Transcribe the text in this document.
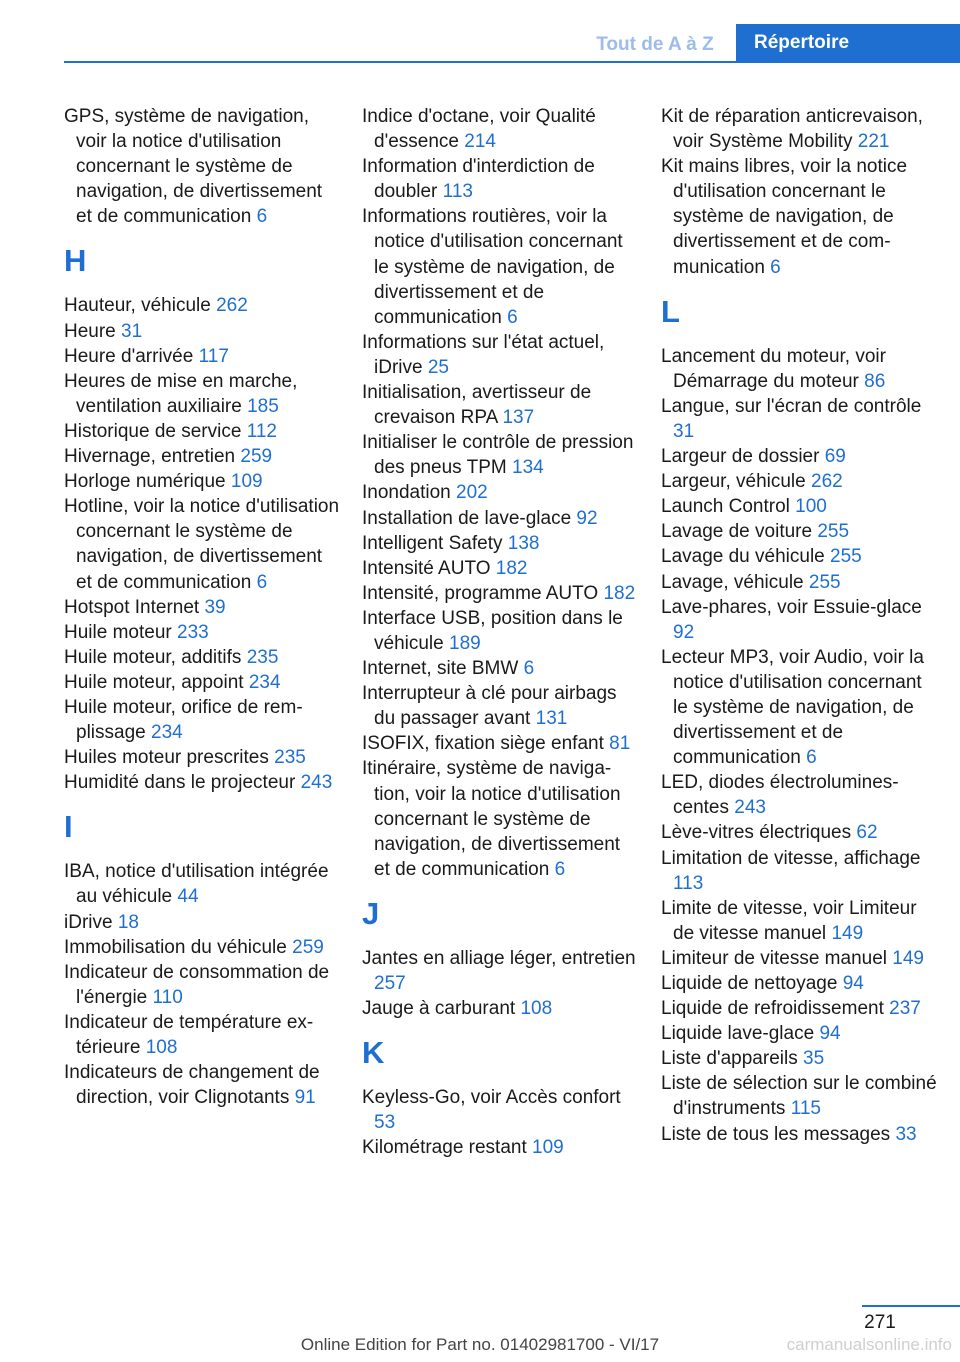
Tout de A à Z	Répertoire
GPS, système de navigation, voir la notice d'utilisation concernant le système de navigation, de divertissement et de communication 6
H
Hauteur, véhicule 262
Heure 31
Heure d'arrivée 117
Heures de mise en marche, ventilation auxiliaire 185
Historique de service 112
Hivernage, entretien 259
Horloge numérique 109
Hotline, voir la notice d'utilisation concernant le système de navigation, de divertissement et de communication 6
Hotspot Internet 39
Huile moteur 233
Huile moteur, additifs 235
Huile moteur, appoint 234
Huile moteur, orifice de remplissage 234
Huiles moteur prescrites 235
Humidité dans le projecteur 243
I
IBA, notice d'utilisation intégrée au véhicule 44
iDrive 18
Immobilisation du véhicule 259
Indicateur de consommation de l'énergie 110
Indicateur de température extérieure 108
Indicateurs de changement de direction, voir Clignotants 91
Indice d'octane, voir Qualité d'essence 214
Information d'interdiction de doubler 113
Informations routières, voir la notice d'utilisation concernant le système de navigation, de divertissement et de communication 6
Informations sur l'état actuel, iDrive 25
Initialisation, avertisseur de crevaison RPA 137
Initialiser le contrôle de pression des pneus TPM 134
Inondation 202
Installation de lave-glace 92
Intelligent Safety 138
Intensité AUTO 182
Intensité, programme AUTO 182
Interface USB, position dans le véhicule 189
Internet, site BMW 6
Interrupteur à clé pour airbags du passager avant 131
ISOFIX, fixation siège enfant 81
Itinéraire, système de navigation, voir la notice d'utilisation concernant le système de navigation, de divertissement et de communication 6
J
Jantes en alliage léger, entretien 257
Jauge à carburant 108
K
Keyless-Go, voir Accès confort 53
Kilométrage restant 109
Kit de réparation anticrevaison, voir Système Mobility 221
Kit mains libres, voir la notice d'utilisation concernant le système de navigation, de divertissement et de communication 6
L
Lancement du moteur, voir Démarrage du moteur 86
Langue, sur l'écran de contrôle 31
Largeur de dossier 69
Largeur, véhicule 262
Launch Control 100
Lavage de voiture 255
Lavage du véhicule 255
Lavage, véhicule 255
Lave-phares, voir Essuie-glace 92
Lecteur MP3, voir Audio, voir la notice d'utilisation concernant le système de navigation, de divertissement et de communication 6
LED, diodes électroluminescentes 243
Lève-vitres électriques 62
Limitation de vitesse, affichage 113
Limite de vitesse, voir Limiteur de vitesse manuel 149
Limiteur de vitesse manuel 149
Liquide de nettoyage 94
Liquide de refroidissement 237
Liquide lave-glace 94
Liste d'appareils 35
Liste de sélection sur le combiné d'instruments 115
Liste de tous les messages 33
271
carmanualsonline.info
Online Edition for Part no. 01402981700 - VI/17
